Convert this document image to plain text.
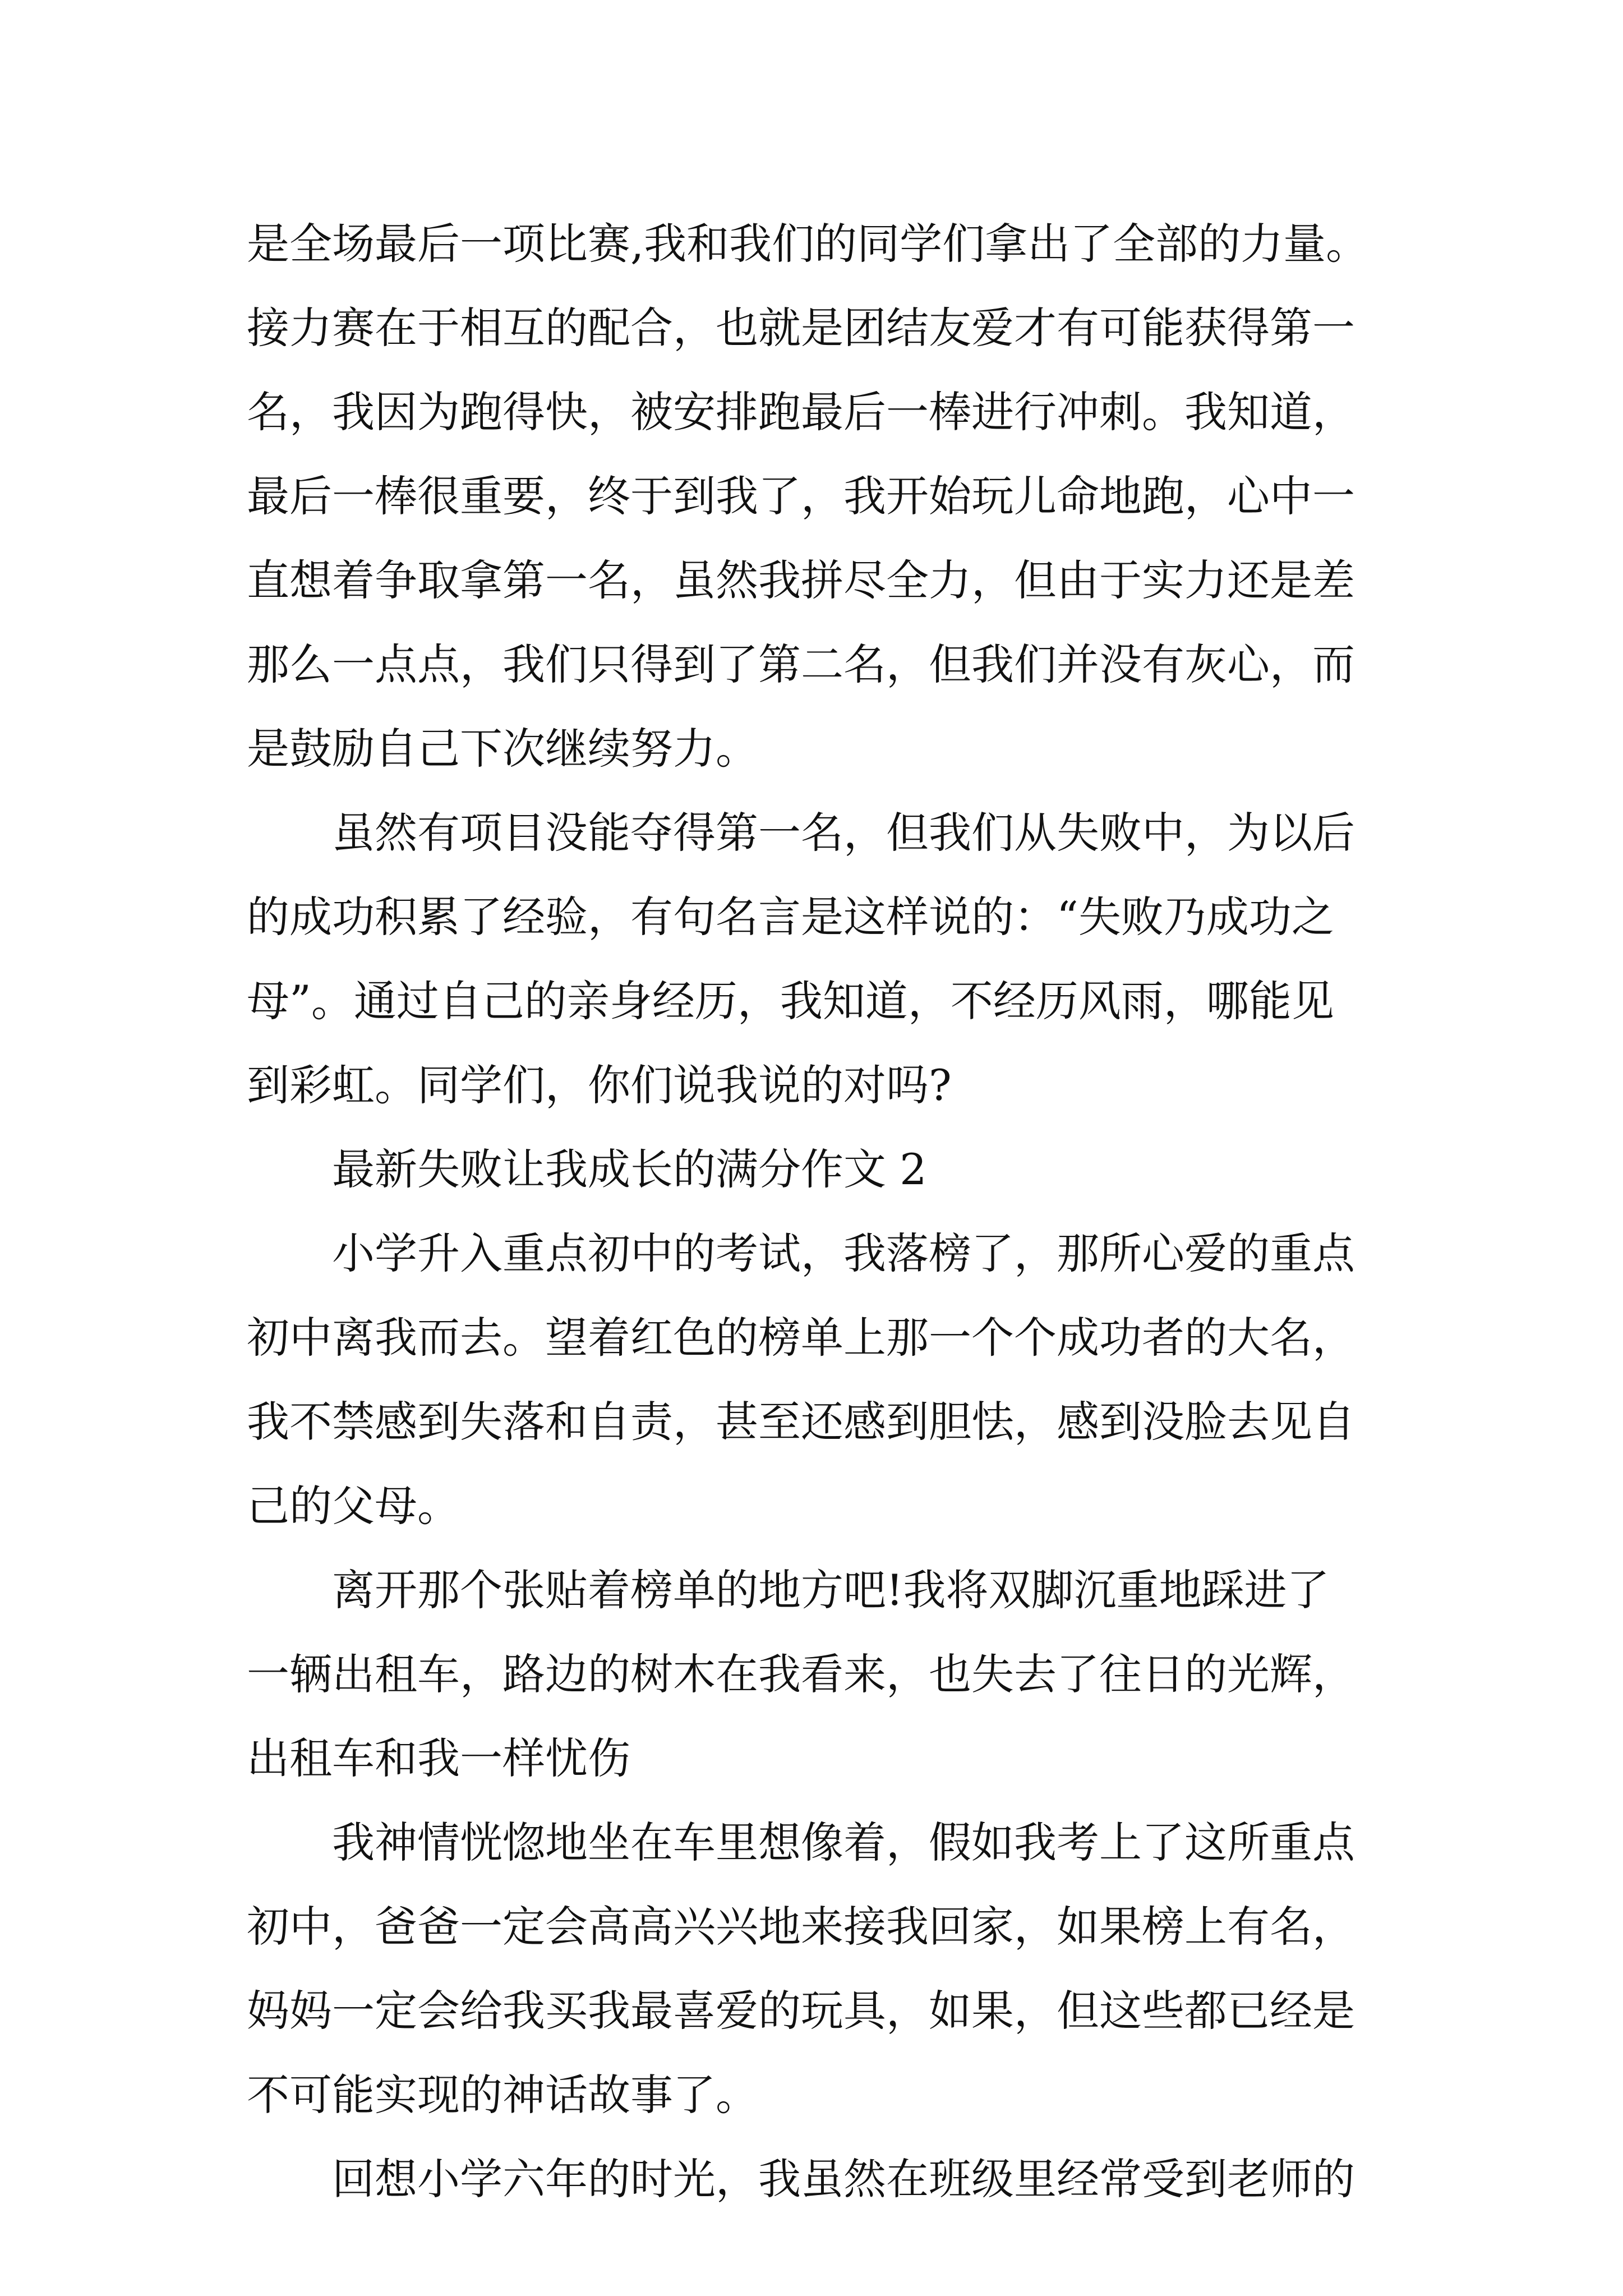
是全场最后一项比赛,我和我们的同学们拿出了全部的力量。

接力赛在于相互的配合，也就是团结友爱才有可能获得第一

名，我因为跑得快，被安排跑最后一棒进行冲刺。我知道，

最后一棒很重要，终于到我了，我开始玩儿命地跑，心中一

直想着争取拿第一名，虽然我拼尽全力，但由于实力还是差

那么一点点，我们只得到了第二名，但我们并没有灰心，而

是鼓励自己下次继续努力。

虽然有项目没能夺得第一名，但我们从失败中，为以后

的成功积累了经验，有句名言是这样说的：“失败乃成功之

母”。通过自己的亲身经历，我知道，不经历风雨，哪能见

到彩虹。同学们，你们说我说的对吗?

最新失败让我成长的满分作文 2

小学升入重点初中的考试，我落榜了，那所心爱的重点

初中离我而去。望着红色的榜单上那一个个成功者的大名，

我不禁感到失落和自责，甚至还感到胆怯，感到没脸去见自

己的父母。

离开那个张贴着榜单的地方吧!我将双脚沉重地踩进了

一辆出租车，路边的树木在我看来，也失去了往日的光辉，

出租车和我一样忧伤

我神情恍惚地坐在车里想像着，假如我考上了这所重点

初中，爸爸一定会高高兴兴地来接我回家，如果榜上有名，

妈妈一定会给我买我最喜爱的玩具，如果，但这些都已经是

不可能实现的神话故事了。

回想小学六年的时光，我虽然在班级里经常受到老师的
